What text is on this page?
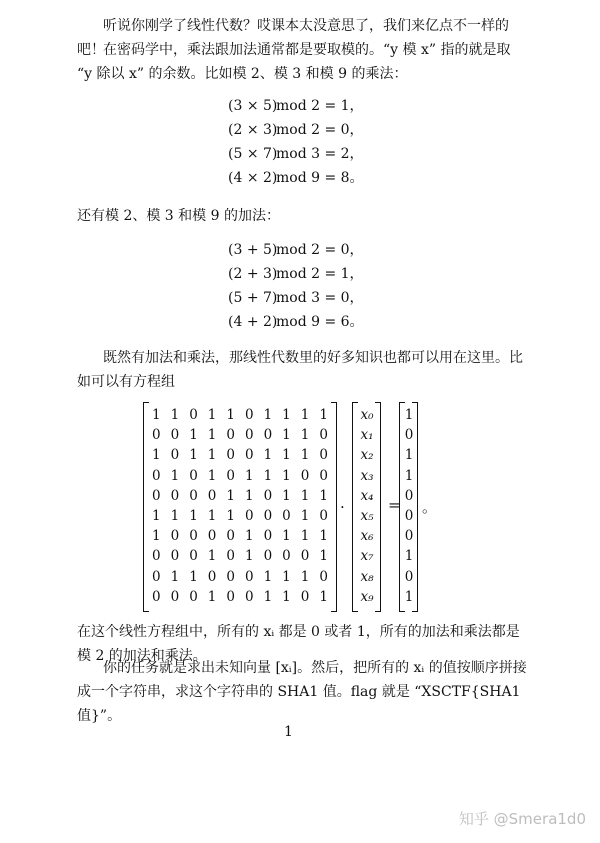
听说你刚学了线性代数？哎课本太没意思了，我们来亿点不一样的吧！

在密码学中，乘法跟加法通常都是要取模的。“y 模 x” 指的就是取 “y 除以 x” 的余数。比如模 2、模 3 和模 9 的乘法：

(3 × 5)mod 2 = 1，
(2 × 3)mod 2 = 0，
(5 × 7)mod 3 = 2，
(4 × 2)mod 9 = 8。

还有模 2、模 3 和模 9 的加法：

(3 + 5)mod 2 = 0，
(2 + 3)mod 2 = 1，
(5 + 7)mod 3 = 0，
(4 + 2)mod 9 = 6。

既然有加法和乘法，那线性代数里的好多知识也都可以用在这里。比如可以有方程组

1 1 0 1 1 0 1 1 1 1
0 0 1 1 0 0 0 1 1 0
1 0 1 1 0 0 1 1 1 0
0 1 0 1 0 1 1 1 0 0
0 0 0 0 1 1 0 1 1 1
1 1 1 1 1 0 0 0 1 0
1 0 0 0 0 1 0 1 1 1
0 0 0 1 0 1 0 0 0 1
0 1 1 0 0 0 1 1 1 0
0 0 0 1 0 0 1 1 0 1
·
x₀
x₁
x₂
x₃
x₄
x₅
x₆
x₇
x₈
x₉
=
1
0
1
1
0
0
0
1
0
1
。

在这个线性方程组中，所有的 xᵢ 都是 0 或者 1，所有的加法和乘法都是模 2 的加法和乘法。

你的任务就是求出未知向量 [xᵢ]。然后，把所有的 xᵢ 的值按顺序拼接成一个字符串，求这个字符串的 SHA1 值。flag 就是 “XSCTF{SHA1 值}”。

1
知乎 @Smera1d0
